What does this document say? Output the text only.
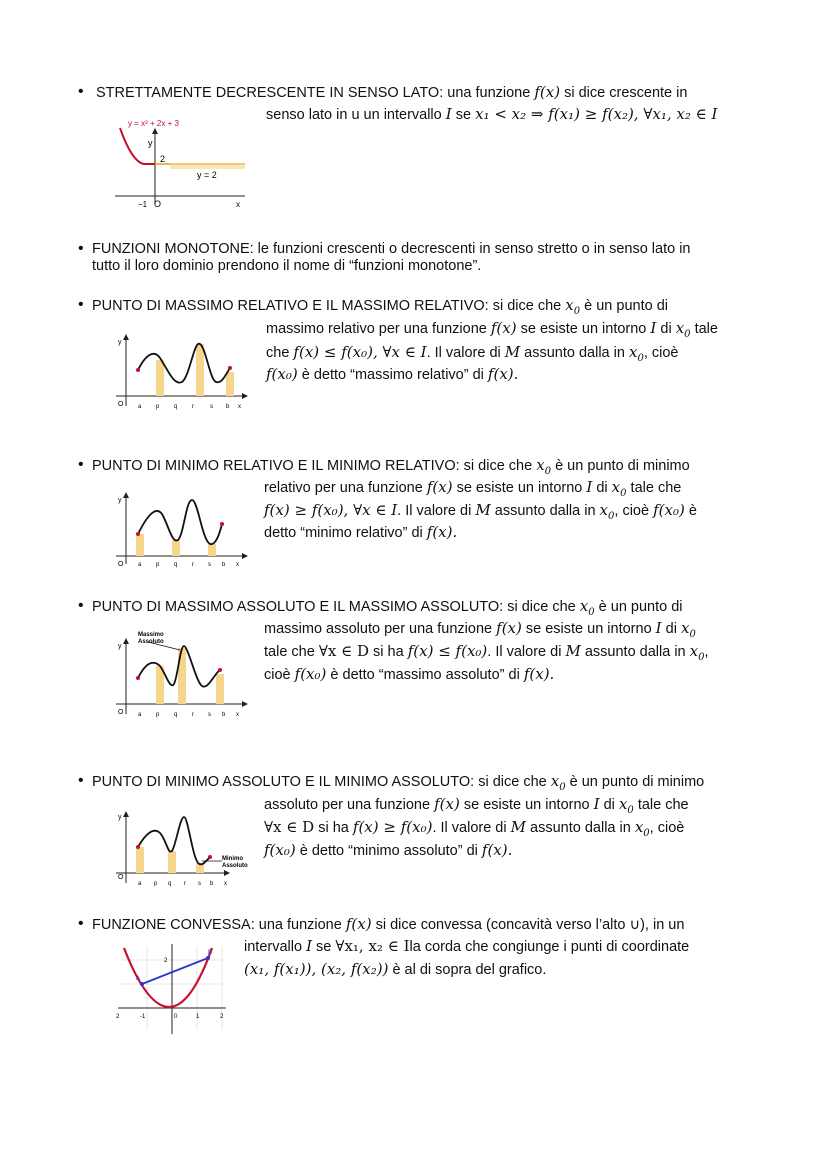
• STRETTAMENTE DECRESCENTE IN SENSO LATO: una funzione f(x) si dice crescente in
senso lato in u un intervallo I se x₁ < x₂ ⇒ f(x₁) ≥ f(x₂), ∀x₁, x₂ ∈ I
y = x² + 2x + 3
y
2
y = 2
−1 O	x
• FUNZIONI MONOTONE: le funzioni crescenti o decrescenti in senso stretto o in senso lato in
tutto il loro dominio prendono il nome di “funzioni monotone”.
• PUNTO DI MASSIMO RELATIVO E IL MASSIMO RELATIVO: si dice che $x_0$ è un punto di
massimo relativo per una funzione f(x) se esiste un intorno I di $x_0$ tale
che f(x) ≤ f(x₀), ∀x ∈ I. Il valore di M assunto dalla in $x_0$, cioè
f(x₀) è detto “massimo relativo” di f(x).
y
O a p q r	s b x
• PUNTO DI MINIMO RELATIVO E IL MINIMO RELATIVO: si dice che $x_0$ è un punto di minimo
relativo per una funzione f(x) se esiste un intorno I di $x_0$ tale che
f(x) ≥ f(x₀), ∀x ∈ I. Il valore di M assunto dalla in $x_0$, cioè f(x₀) è
detto “minimo relativo” di f(x).
y
O a p q r s b x
• PUNTO DI MASSIMO ASSOLUTO E IL MASSIMO ASSOLUTO: si dice che $x_0$ è un punto di
massimo assoluto per una funzione f(x) se esiste un intorno I di $x_0$
tale che ∀x ∈ D si ha f(x) ≤ f(x₀). Il valore di M assunto dalla in $x_0$,
cioè f(x₀) è detto “massimo assoluto” di f(x).
Massimo
Assoluto
y
O a p q r s b x
• PUNTO DI MINIMO ASSOLUTO E IL MINIMO ASSOLUTO: si dice che $x_0$ è un punto di minimo
assoluto per una funzione f(x) se esiste un intorno I di $x_0$ tale che
∀x ∈ D si ha f(x) ≥ f(x₀). Il valore di M assunto dalla in $x_0$, cioè
f(x₀) è detto “minimo assoluto” di f(x).
Minimo
Assoluto
y
O
a p q r s b x
• FUNZIONE CONVESSA: una funzione f(x) si dice convessa (concavità verso l’alto ∪), in un
intervallo I se ∀x₁, x₂ ∈ Ila corda che congiunge i punti di coordinate
(x₁, f(x₁)), (x₂, f(x₂)) è al di sopra del grafico.
A
B
2
2	-1	0	1	2
